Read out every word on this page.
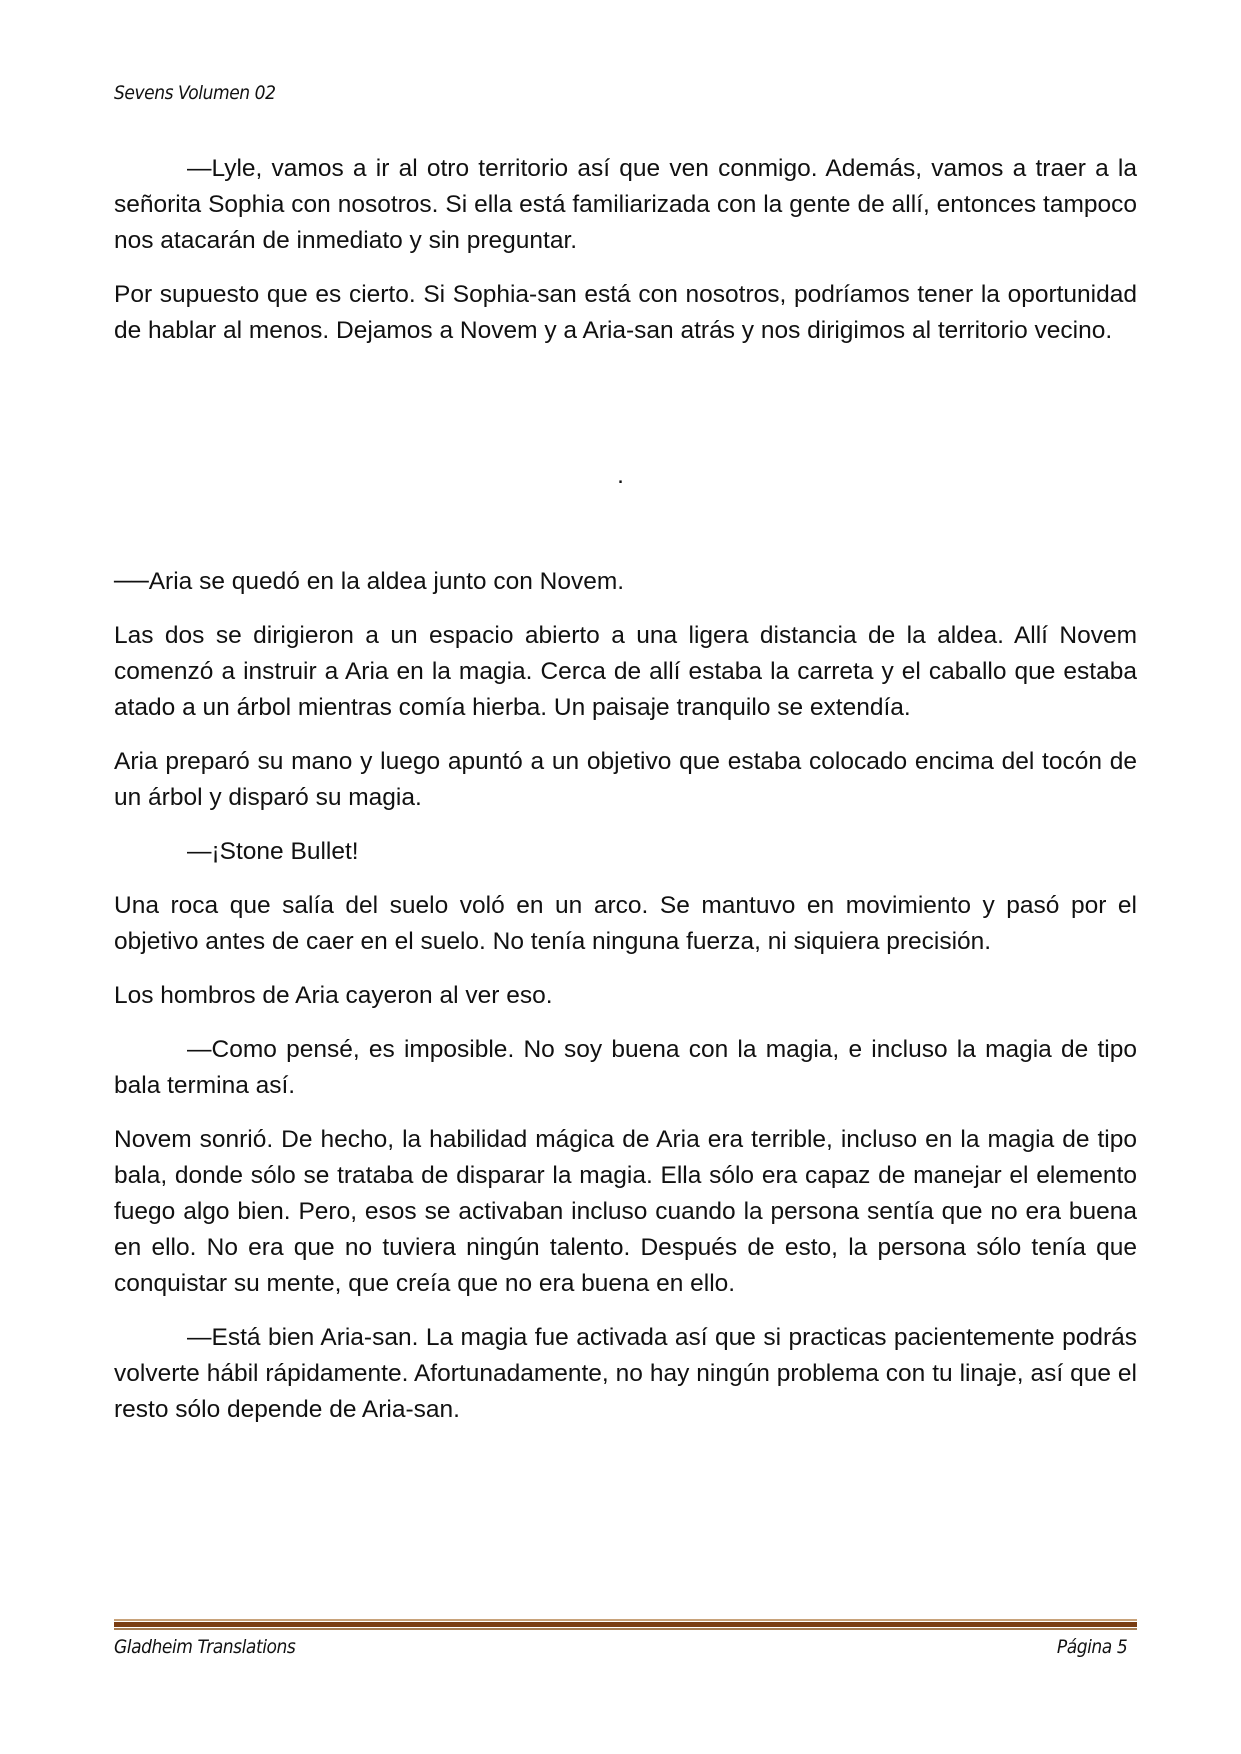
Sevens Volumen 02

—Lyle, vamos a ir al otro territorio así que ven conmigo. Además, vamos a traer a la señorita Sophia con nosotros. Si ella está familiarizada con la gente de allí, entonces tampoco nos atacarán de inmediato y sin preguntar.

Por supuesto que es cierto. Si Sophia-san está con nosotros, podríamos tener la oportunidad de hablar al menos. Dejamos a Novem y a Aria-san atrás y nos dirigimos al territorio vecino.

.

──Aria se quedó en la aldea junto con Novem.

Las dos se dirigieron a un espacio abierto a una ligera distancia de la aldea. Allí Novem comenzó a instruir a Aria en la magia. Cerca de allí estaba la carreta y el caballo que estaba atado a un árbol mientras comía hierba. Un paisaje tranquilo se extendía.

Aria preparó su mano y luego apuntó a un objetivo que estaba colocado encima del tocón de un árbol y disparó su magia.

—¡Stone Bullet!

Una roca que salía del suelo voló en un arco. Se mantuvo en movimiento y pasó por el objetivo antes de caer en el suelo. No tenía ninguna fuerza, ni siquiera precisión.

Los hombros de Aria cayeron al ver eso.

—Como pensé, es imposible. No soy buena con la magia, e incluso la magia de tipo bala termina así.

Novem sonrió. De hecho, la habilidad mágica de Aria era terrible, incluso en la magia de tipo bala, donde sólo se trataba de disparar la magia. Ella sólo era capaz de manejar el elemento fuego algo bien. Pero, esos se activaban incluso cuando la persona sentía que no era buena en ello. No era que no tuviera ningún talento. Después de esto, la persona sólo tenía que conquistar su mente, que creía que no era buena en ello.

—Está bien Aria-san. La magia fue activada así que si practicas pacientemente podrás volverte hábil rápidamente. Afortunadamente, no hay ningún problema con tu linaje, así que el resto sólo depende de Aria-san.

Gladheim Translations	Página 5
